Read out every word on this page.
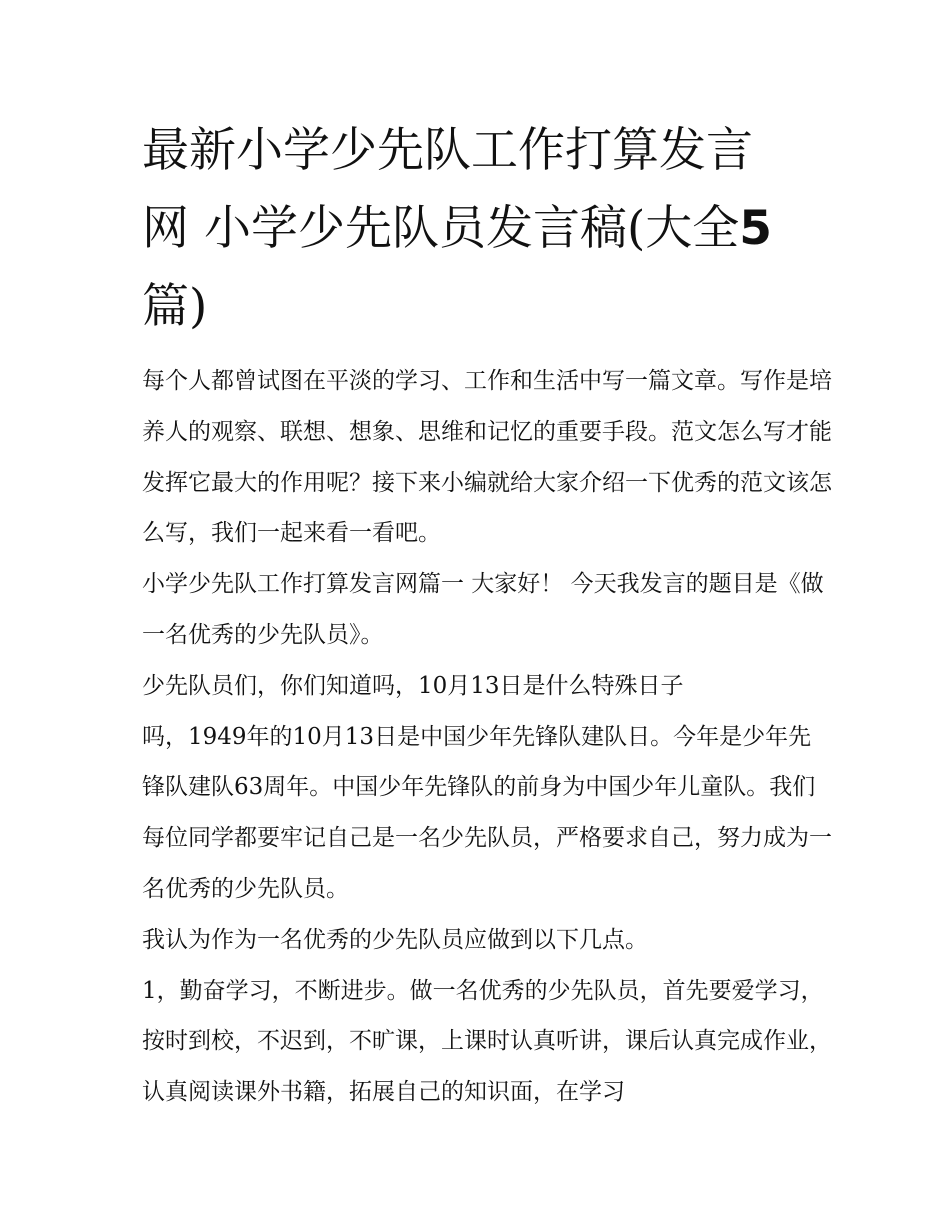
最新小学少先队工作打算发言
网 小学少先队员发言稿(大全5
篇)

每个人都曾试图在平淡的学习、工作和生活中写一篇文章。写作是培养人的观察、联想、想象、思维和记忆的重要手段。范文怎么写才能发挥它最大的作用呢？接下来小编就给大家介绍一下优秀的范文该怎么写，我们一起来看一看吧。

小学少先队工作打算发言网篇一 大家好！ 今天我发言的题目是《做一名优秀的少先队员》。

少先队员们，你们知道吗，10月13日是什么特殊日子

吗，1949年的10月13日是中国少年先锋队建队日。今年是少年先锋队建队63周年。中国少年先锋队的前身为中国少年儿童队。我们每位同学都要牢记自己是一名少先队员，严格要求自己，努力成为一名优秀的少先队员。

我认为作为一名优秀的少先队员应做到以下几点。

1，勤奋学习，不断进步。做一名优秀的少先队员，首先要爱学习，按时到校，不迟到，不旷课，上课时认真听讲，课后认真完成作业，认真阅读课外书籍，拓展自己的知识面，在学习
